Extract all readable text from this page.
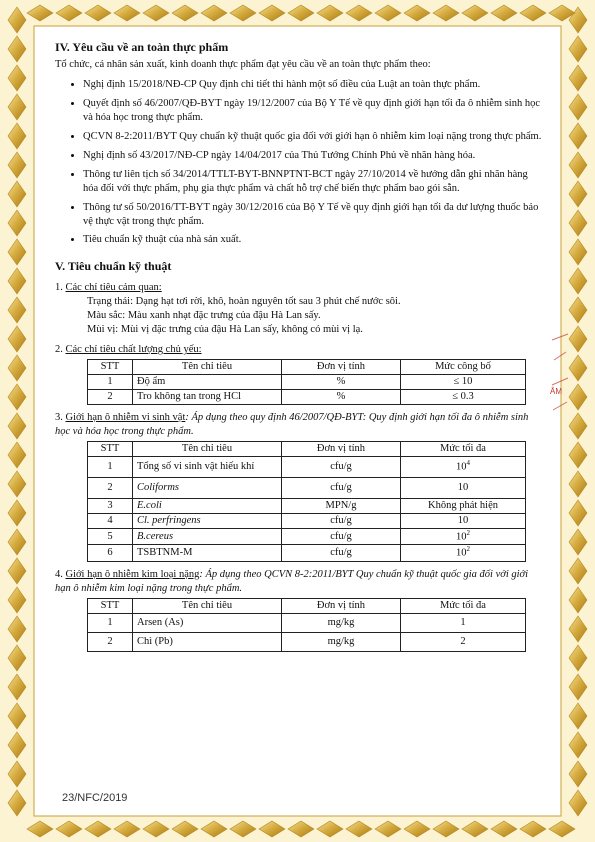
IV. Yêu cầu về an toàn thực phẩm
Tổ chức, cá nhân sản xuất, kinh doanh thực phẩm đạt yêu cầu về an toàn thực phẩm theo:
• Nghị định 15/2018/NĐ-CP Quy định chi tiết thi hành một số điều của Luật an toàn thực phẩm.
• Quyết định số 46/2007/QĐ-BYT ngày 19/12/2007 của Bộ Y Tế về quy định giới hạn tối đa ô nhiễm sinh học và hóa học trong thực phẩm.
• QCVN 8-2:2011/BYT Quy chuẩn kỹ thuật quốc gia đối với giới hạn ô nhiễm kim loại nặng trong thực phẩm.
• Nghị định số 43/2017/NĐ-CP ngày 14/04/2017 của Thủ Tướng Chính Phủ về nhãn hàng hóa.
• Thông tư liên tịch số 34/2014/TTLT-BYT-BNNPTNT-BCT ngày 27/10/2014 về hướng dẫn ghi nhãn hàng hóa đối với thực phẩm, phụ gia thực phẩm và chất hỗ trợ chế biến thực phẩm bao gói sẵn.
• Thông tư số 50/2016/TT-BYT ngày 30/12/2016 của Bộ Y Tế về quy định giới hạn tối đa dư lượng thuốc bảo vệ thực vật trong thực phẩm.
• Tiêu chuẩn kỹ thuật của nhà sản xuất.
V. Tiêu chuẩn kỹ thuật
1. Các chỉ tiêu cảm quan:
Trạng thái: Dạng hạt tơi rời, khô, hoàn nguyên tốt sau 3 phút chế nước sôi.
Màu sắc: Màu xanh nhạt đặc trưng của đậu Hà Lan sấy.
Mùi vị: Mùi vị đặc trưng của đậu Hà Lan sấy, không có mùi vị lạ.
2. Các chỉ tiêu chất lượng chủ yếu:
STT	Tên chỉ tiêu	Đơn vị tính	Mức công bố
1	Độ ẩm	%	≤ 10
2	Tro không tan trong HCl	%	≤ 0.3
3. Giới hạn ô nhiễm vi sinh vật: Áp dụng theo quy định 46/2007/QĐ-BYT: Quy định giới hạn tối đa ô nhiễm sinh học và hóa học trong thực phẩm.
STT	Tên chỉ tiêu	Đơn vị tính	Mức tối đa
1	Tổng số vi sinh vật hiếu khí	cfu/g	$10^4$
2	Coliforms	cfu/g	10
3	E.coli	MPN/g	Không phát hiện
4	Cl. perfringens	cfu/g	10
5	B.cereus	cfu/g	$10^2$
6	TSBTNM-M	cfu/g	$10^2$
4. Giới hạn ô nhiễm kim loại nặng: Áp dụng theo QCVN 8-2:2011/BYT Quy chuẩn kỹ thuật quốc gia đối với giới hạn ô nhiễm kim loại nặng trong thực phẩm.
STT	Tên chỉ tiêu	Đơn vị tính	Mức tối đa
1	Arsen (As)	mg/kg	1
2	Chì (Pb)	mg/kg	2
ÂM
23/NFC/2019
